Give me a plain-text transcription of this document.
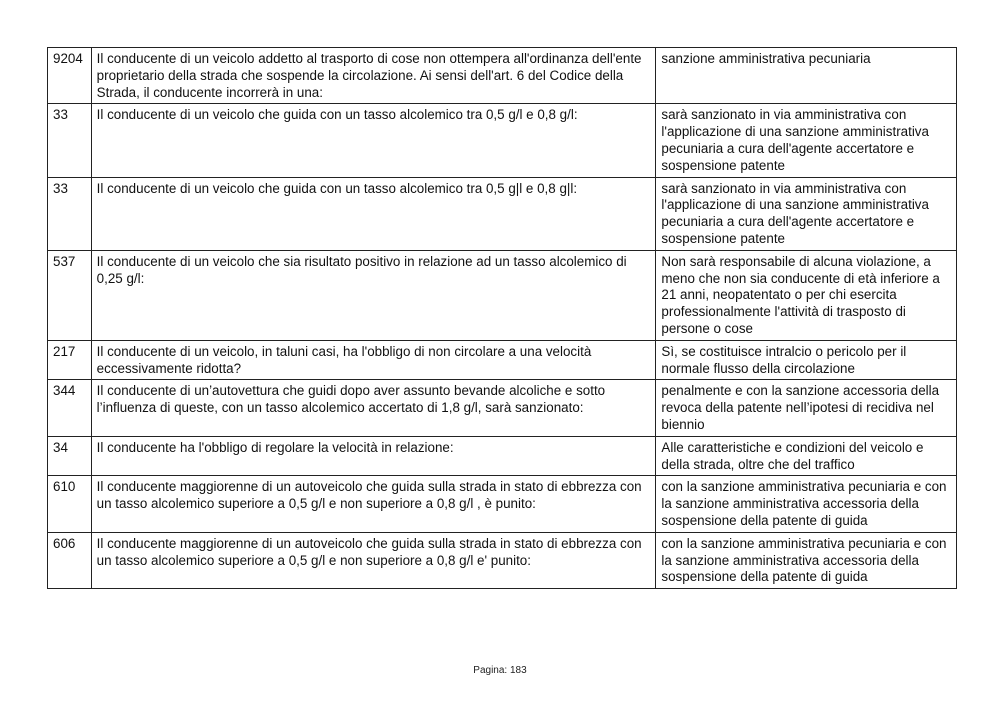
9204	Il conducente di un veicolo addetto al trasporto di cose non ottempera all'ordinanza dell'ente proprietario della strada che sospende la circolazione. Ai sensi dell'art. 6 del Codice della Strada, il conducente incorrerà in una:	sanzione amministrativa pecuniaria
33	Il conducente di un veicolo che guida con un tasso alcolemico tra 0,5 g/l e 0,8 g/l:	sarà sanzionato in via amministrativa con l'applicazione di una sanzione amministrativa pecuniaria a cura dell'agente accertatore e sospensione patente
33	Il conducente di un veicolo che guida con un tasso alcolemico tra 0,5 g|l e 0,8 g|l:	sarà sanzionato in via amministrativa con l'applicazione di una sanzione amministrativa pecuniaria a cura dell'agente accertatore e sospensione patente
537	Il conducente di un veicolo che sia risultato positivo in relazione ad un tasso alcolemico di 0,25 g/l:	Non sarà responsabile di alcuna violazione, a meno che non sia conducente di età inferiore a 21 anni, neopatentato o per chi esercita professionalmente l'attività di trasposto di persone o cose
217	Il conducente di un veicolo, in taluni casi, ha l'obbligo di non circolare a una velocità eccessivamente ridotta?	Sì, se costituisce intralcio o pericolo per il normale flusso della circolazione
344	Il conducente di un’autovettura che guidi dopo aver assunto bevande alcoliche e sotto l’influenza di queste, con un tasso alcolemico accertato di 1,8 g/l, sarà sanzionato:	penalmente e con la sanzione accessoria della revoca della patente nell’ipotesi di recidiva nel biennio
34	Il conducente ha l'obbligo di regolare la velocità in relazione:	Alle caratteristiche e condizioni del veicolo e della strada, oltre che del traffico
610	Il conducente maggiorenne di un autoveicolo che guida sulla strada in stato di ebbrezza con un tasso alcolemico superiore a 0,5 g/l e non superiore a 0,8 g/l , è punito:	con la sanzione amministrativa pecuniaria e con la sanzione amministrativa accessoria della sospensione della patente di guida
606	Il conducente maggiorenne di un autoveicolo che guida sulla strada in stato di ebbrezza con un tasso alcolemico superiore a 0,5 g/l e non superiore a 0,8 g/l e' punito:	con la sanzione amministrativa pecuniaria e con la sanzione amministrativa accessoria della sospensione della patente di guida
Pagina: 183
